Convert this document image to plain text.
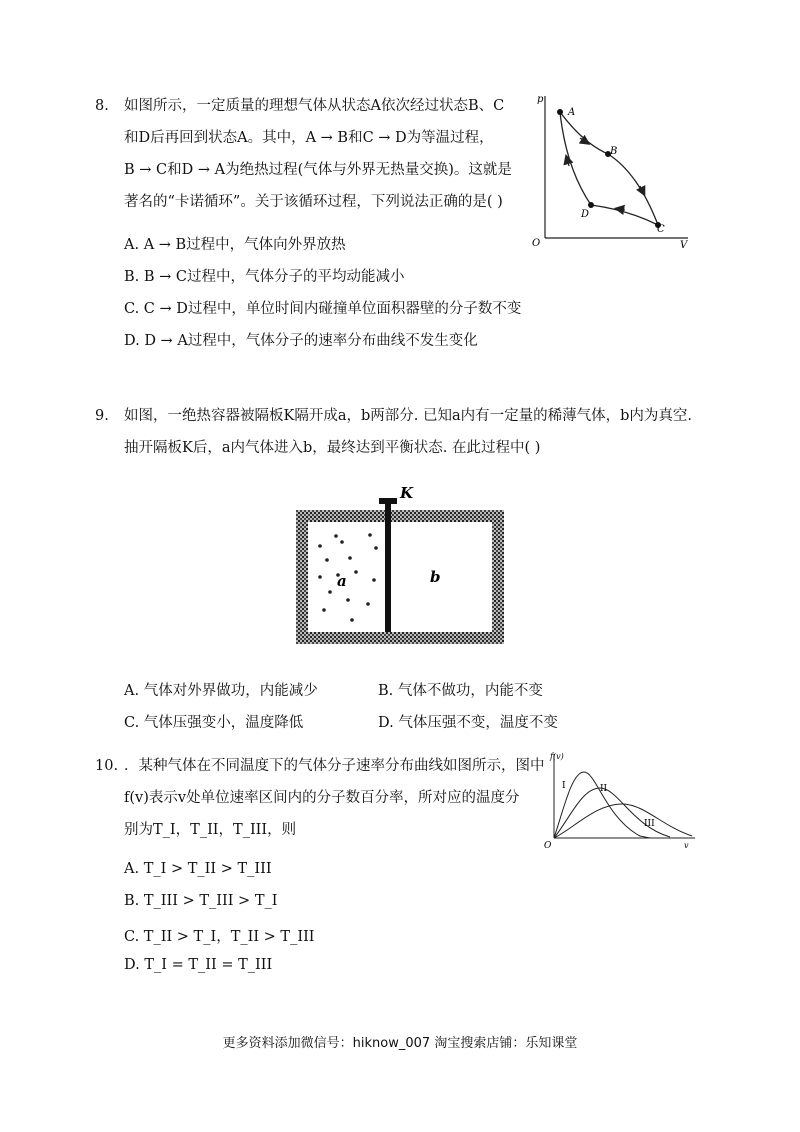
8. 如图所示，一定质量的理想气体从状态A依次经过状态B、C
和D后再回到状态A。其中，A → B和C → D为等温过程，
B → C和D → A为绝热过程(气体与外界无热量交换)。这就是
著名的“卡诺循环”。关于该循环过程，下列说法正确的是( )
A. A → B过程中，气体向外界放热
B. B → C过程中，气体分子的平均动能减小
C. C → D过程中，单位时间内碰撞单位面积器壁的分子数不变
D. D → A过程中，气体分子的速率分布曲线不发生变化
p
V
O
A
B
C
D
9. 如图，一绝热容器被隔板K隔开成a，b两部分. 已知a内有一定量的稀薄气体，b内为真空.
抽开隔板K后，a内气体进入b，最终达到平衡状态. 在此过程中( )
K
a	b
A. 气体对外界做功，内能减少	B. 气体不做功，内能不变
C. 气体压强变小，温度降低	D. 气体压强不变，温度不变
10. ．某种气体在不同温度下的气体分子速率分布曲线如图所示，图中
f(v)表示v处单位速率区间内的分子数百分率，所对应的温度分
别为T_I，T_II，T_III，则
A. T_I > T_II > T_III
B. T_III > T_III > T_I
C. T_II > T_I，T_II > T_III
D. T_I = T_II = T_III
f(v)
v
O
I	II
III
更多资料添加微信号：hiknow_007 淘宝搜索店铺：乐知课堂
